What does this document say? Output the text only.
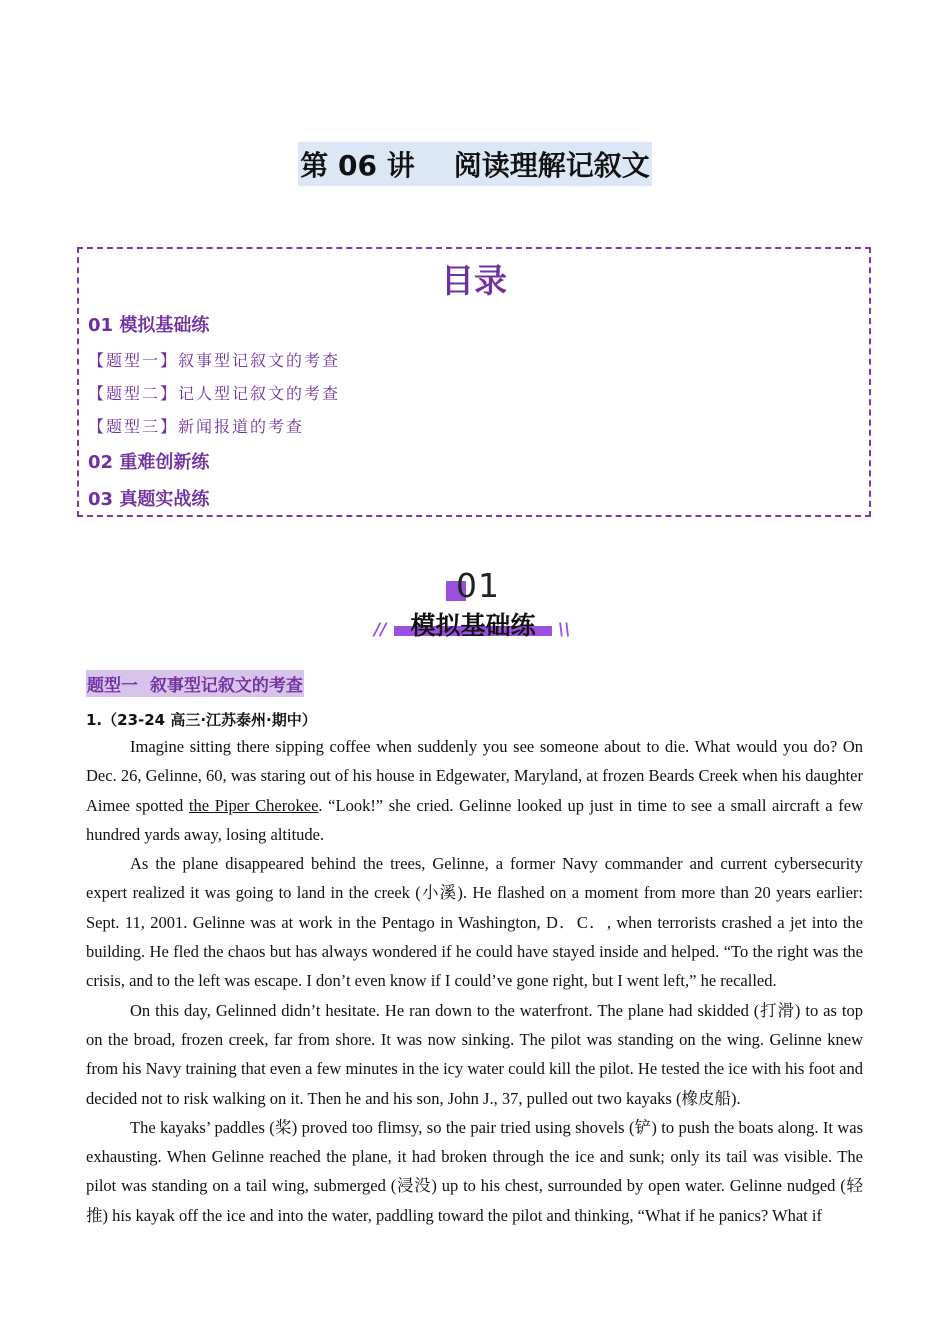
第 06 讲    阅读理解记叙文
目录
01 模拟基础练
【题型一】叙事型记叙文的考查
【题型二】记人型记叙文的考查
【题型三】新闻报道的考查
02 重难创新练
03 真题实战练
01
// 模拟基础练	\\
题型一  叙事型记叙文的考查
1.（23-24 高三·江苏泰州·期中）

Imagine sitting there sipping coffee when suddenly you see someone about to die. What would you do? On Dec. 26, Gelinne, 60, was staring out of his house in Edgewater, Maryland, at frozen Beards Creek when his daughter Aimee spotted the Piper Cherokee. “Look!” she cried. Gelinne looked up just in time to see a small aircraft a few hundred yards away, losing altitude.

As the plane disappeared behind the trees, Gelinne, a former Navy commander and current cybersecurity expert realized it was going to land in the creek (小溪). He flashed on a moment from more than 20 years earlier: Sept. 11, 2001. Gelinne was at work in the Pentago in Washington, D．C．, when terrorists crashed a jet into the building. He fled the chaos but has always wondered if he could have stayed inside and helped. “To the right was the crisis, and to the left was escape. I don’t even know if I could’ve gone right, but I went left,” he recalled.

On this day, Gelinned didn’t hesitate. He ran down to the waterfront. The plane had skidded (打滑) to as top on the broad, frozen creek, far from shore. It was now sinking. The pilot was standing on the wing. Gelinne knew from his Navy training that even a few minutes in the icy water could kill the pilot. He tested the ice with his foot and decided not to risk walking on it. Then he and his son, John J., 37, pulled out two kayaks (橡皮船).

The kayaks’ paddles (桨) proved too flimsy, so the pair tried using shovels (铲) to push the boats along. It was exhausting. When Gelinne reached the plane, it had broken through the ice and sunk; only its tail was visible. The pilot was standing on a tail wing, submerged (浸没) up to his chest, surrounded by open water. Gelinne nudged (轻推) his kayak off the ice and into the water, paddling toward the pilot and thinking, “What if he panics? What if
